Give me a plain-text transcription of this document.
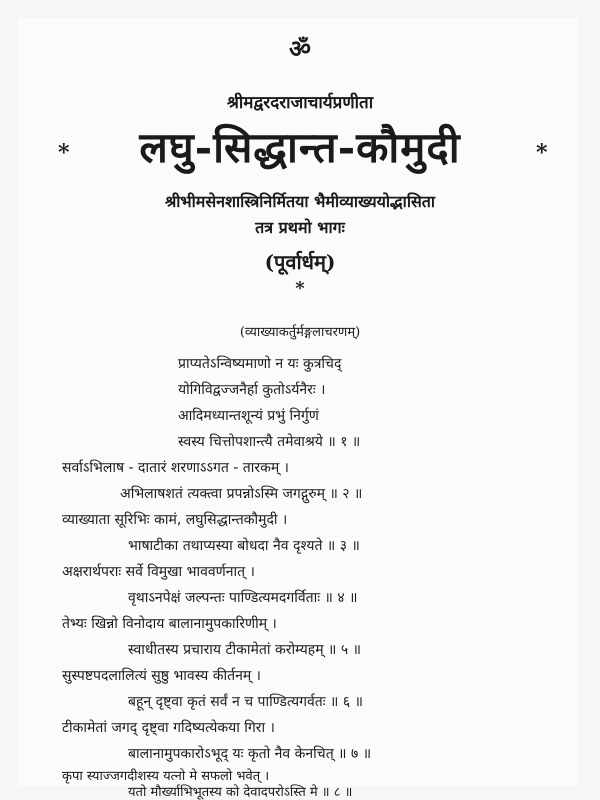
ॐ
श्रीमद्वरदराजाचार्यप्रणीता
लघु-सिद्धान्त-कौमुदी
*	*
श्रीभीमसेनशास्त्रिनिर्मितया भैमीव्याख्ययोद्भासिता
तत्र प्रथमो भागः
(पूर्वार्धम्)
*
(व्याख्याकर्तुर्मङ्गलाचरणम्)
प्राप्यतेऽन्विष्यमाणो न यः कुत्रचिद्
योगिविद्वज्जनैर्हा कुतोऽर्यनैरः ।
आदिमध्यान्तशून्यं प्रभुं निर्गुणं
स्वस्य चित्तोपशान्त्यै तमेवाश्रये ॥ १ ॥
सर्वाऽभिलाष - दातारं शरणाऽऽगत - तारकम् ।
अभिलाषशतं त्यक्त्वा प्रपन्नोऽस्मि जगद्गुरुम् ॥ २ ॥
व्याख्याता सूरिभिः कामं, लघुसिद्धान्तकौमुदी ।
भाषाटीका तथाप्यस्या बोधदा नैव दृश्यते ॥ ३ ॥
अक्षरार्थपराः सर्वे विमुखा भाववर्णनात् ।
वृथाऽनपेक्षं जल्पन्तः पाण्डित्यमदगर्विताः ॥ ४ ॥
तेभ्यः खिन्नो विनोदाय बालानामुपकारिणीम् ।
स्वाधीतस्य प्रचाराय टीकामेतां करोम्यहम् ॥ ५ ॥
सुस्पष्टपदलालित्यं सुष्ठु भावस्य कीर्तनम् ।
बहून् दृष्ट्वा कृतं सर्वं न च पाण्डित्यगर्वतः ॥ ६ ॥
टीकामेतां जगद् दृष्ट्वा गदिष्यत्येकया गिरा ।
बालानामुपकारोऽभूद् यः कृतो नैव केनचित् ॥ ७ ॥
कृपा स्याज्जगदीशस्य यत्नो मे सफलो भवेत् ।
यतो मौर्ख्याभिभूतस्य को देवादपरोऽस्ति मे ॥ ८ ॥
